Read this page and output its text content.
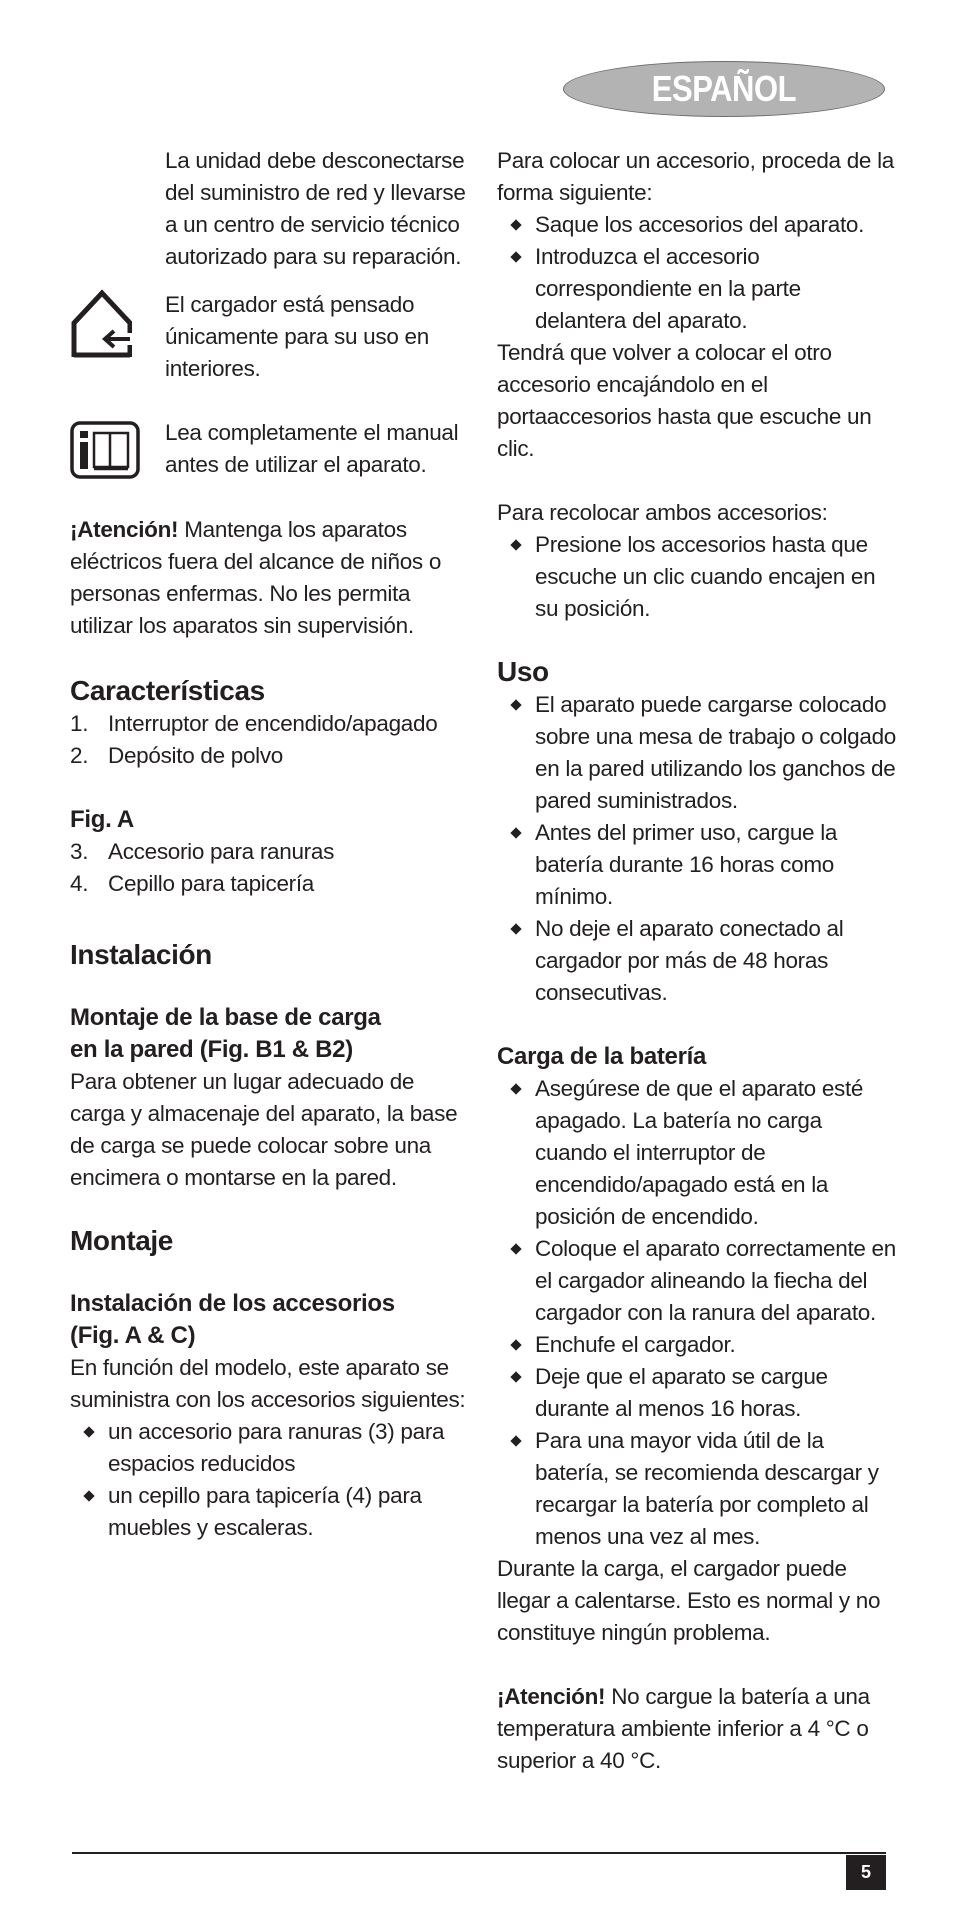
ESPAÑOL

La unidad debe desconectarse del suministro de red y llevarse a un centro de servicio técnico autorizado para su reparación.

El cargador está pensado únicamente para su uso en interiores.

Lea completamente el manual antes de utilizar el aparato.

¡Atención! Mantenga los aparatos eléctricos fuera del alcance de niños o personas enfermas. No les permita utilizar los aparatos sin supervisión.

Características
1. Interruptor de encendido/apagado
2. Depósito de polvo
Fig. A
3. Accesorio para ranuras
4. Cepillo para tapicería
Instalación
Montaje de la base de carga en la pared (Fig. B1 & B2)

Para obtener un lugar adecuado de carga y almacenaje del aparato, la base de carga se puede colocar sobre una encimera o montarse en la pared.

Montaje
Instalación de los accesorios (Fig. A & C)

En función del modelo, este aparato se suministra con los accesorios siguientes:

un accesorio para ranuras (3) para espacios reducidos
un cepillo para tapicería (4) para muebles y escaleras.

Para colocar un accesorio, proceda de la forma siguiente:

Saque los accesorios del aparato.
Introduzca el accesorio correspondiente en la parte delantera del aparato.

Tendrá que volver a colocar el otro accesorio encajándolo en el portaaccesorios hasta que escuche un clic.

Para recolocar ambos accesorios:

Presione los accesorios hasta que escuche un clic cuando encajen en su posición.
Uso
El aparato puede cargarse colocado sobre una mesa de trabajo o colgado en la pared utilizando los ganchos de pared suministrados.
Antes del primer uso, cargue la batería durante 16 horas como mínimo.
No deje el aparato conectado al cargador por más de 48 horas consecutivas.
Carga de la batería
Asegúrese de que el aparato esté apagado. La batería no carga cuando el interruptor de encendido/apagado está en la posición de encendido.
Coloque el aparato correctamente en el cargador alineando la fiecha del cargador con la ranura del aparato.
Enchufe el cargador.
Deje que el aparato se cargue durante al menos 16 horas.
Para una mayor vida útil de la batería, se recomienda descargar y recargar la batería por completo al menos una vez al mes.

Durante la carga, el cargador puede llegar a calentarse. Esto es normal y no constituye ningún problema.

¡Atención! No cargue la batería a una temperatura ambiente inferior a 4 °C o superior a 40 °C.

5
